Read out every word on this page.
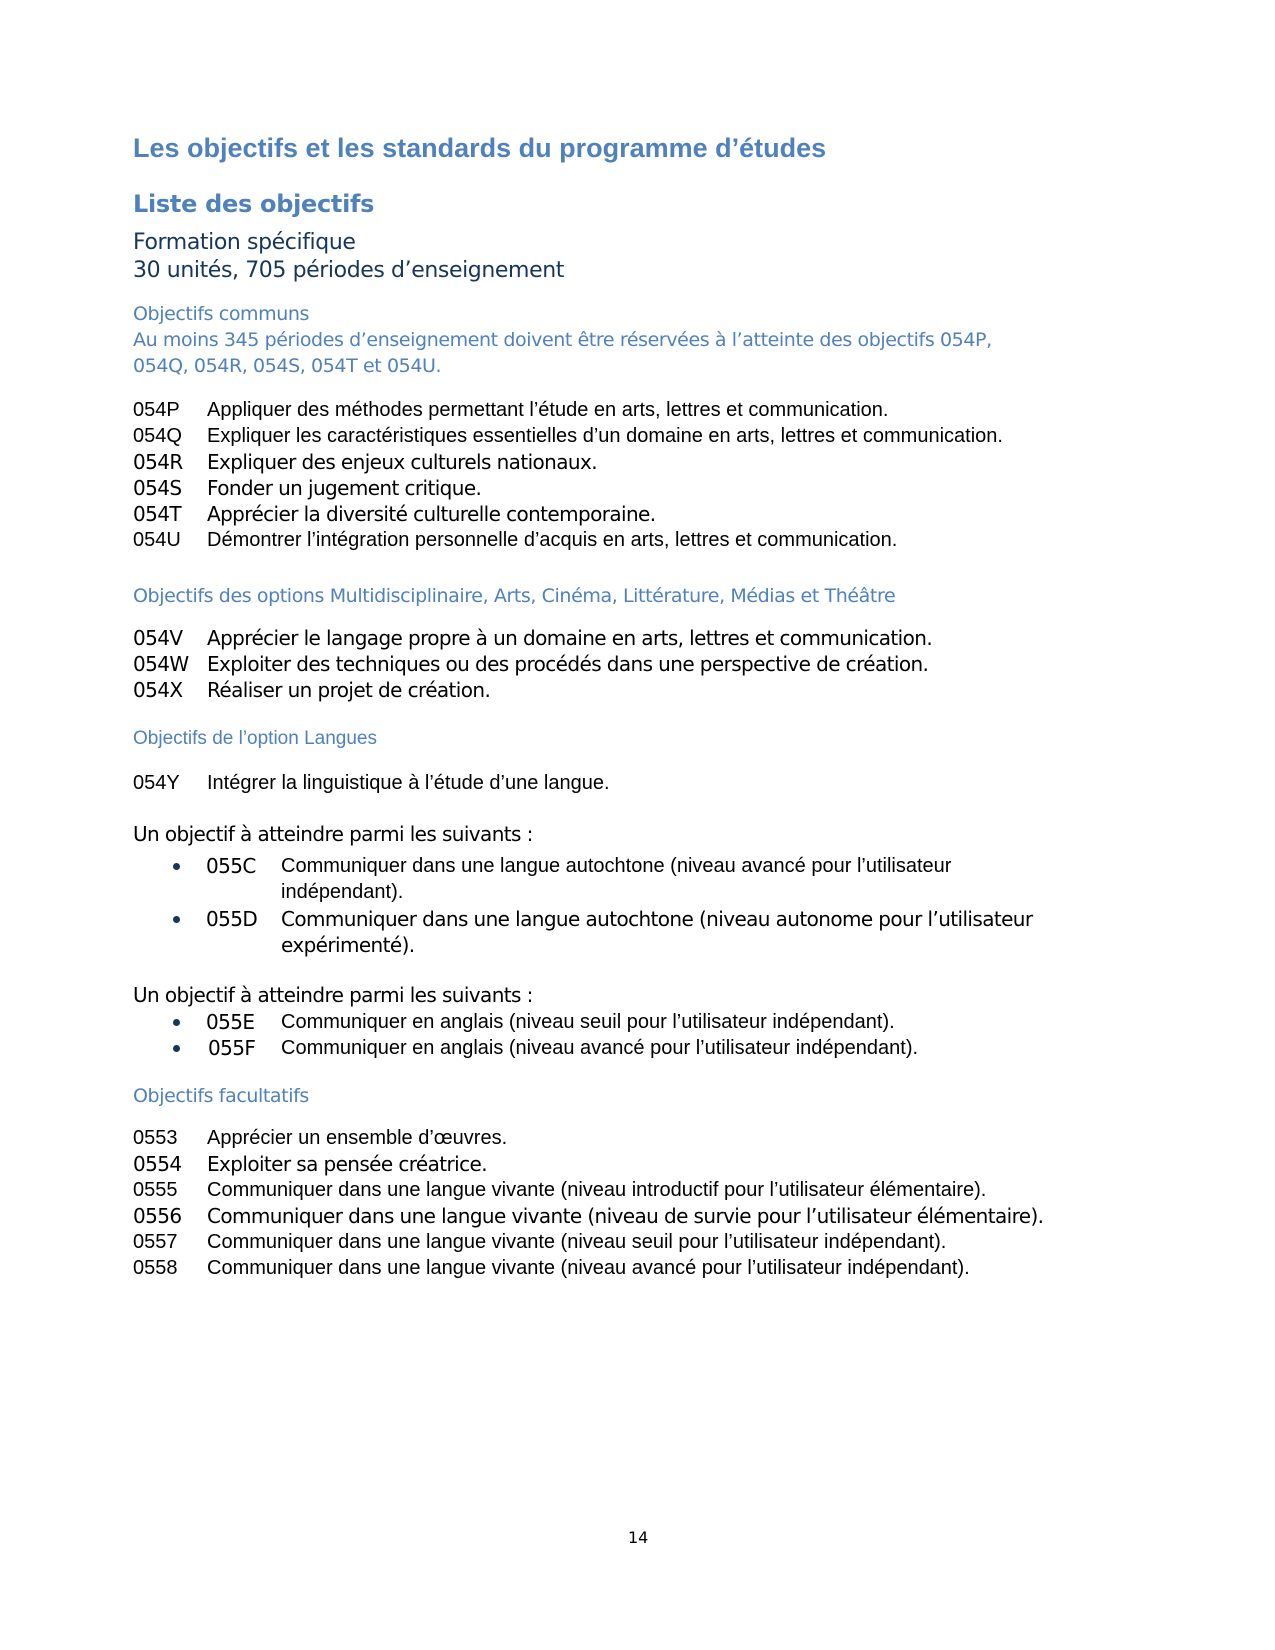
Les objectifs et les standards du programme d’études
Liste des objectifs
Formation spécifique
30 unités, 705 périodes d’enseignement
Objectifs communs
Au moins 345 périodes d’enseignement doivent être réservées à l’atteinte des objectifs 054P,
054Q, 054R, 054S, 054T et 054U.
054P Appliquer des méthodes permettant l’étude en arts, lettres et communication.
054Q Expliquer les caractéristiques essentielles d’un domaine en arts, lettres et communication.
054R Expliquer des enjeux culturels nationaux.
054S Fonder un jugement critique.
054T Apprécier la diversité culturelle contemporaine.
054U Démontrer l’intégration personnelle d’acquis en arts, lettres et communication.
Objectifs des options Multidisciplinaire, Arts, Cinéma, Littérature, Médias et Théâtre
054V Apprécier le langage propre à un domaine en arts, lettres et communication.
054W Exploiter des techniques ou des procédés dans une perspective de création.
054X Réaliser un projet de création.
Objectifs de l’option Langues
054Y Intégrer la linguistique à l’étude d’une langue.
Un objectif à atteindre parmi les suivants :
055C Communiquer dans une langue autochtone (niveau avancé pour l’utilisateur
indépendant).
055D Communiquer dans une langue autochtone (niveau autonome pour l’utilisateur
expérimenté).
Un objectif à atteindre parmi les suivants :
055E Communiquer en anglais (niveau seuil pour l’utilisateur indépendant).
055F Communiquer en anglais (niveau avancé pour l’utilisateur indépendant).
Objectifs facultatifs
0553 Apprécier un ensemble d’œuvres.
0554 Exploiter sa pensée créatrice.
0555 Communiquer dans une langue vivante (niveau introductif pour l’utilisateur élémentaire).
0556 Communiquer dans une langue vivante (niveau de survie pour l’utilisateur élémentaire).
0557 Communiquer dans une langue vivante (niveau seuil pour l’utilisateur indépendant).
0558 Communiquer dans une langue vivante (niveau avancé pour l’utilisateur indépendant).
14
